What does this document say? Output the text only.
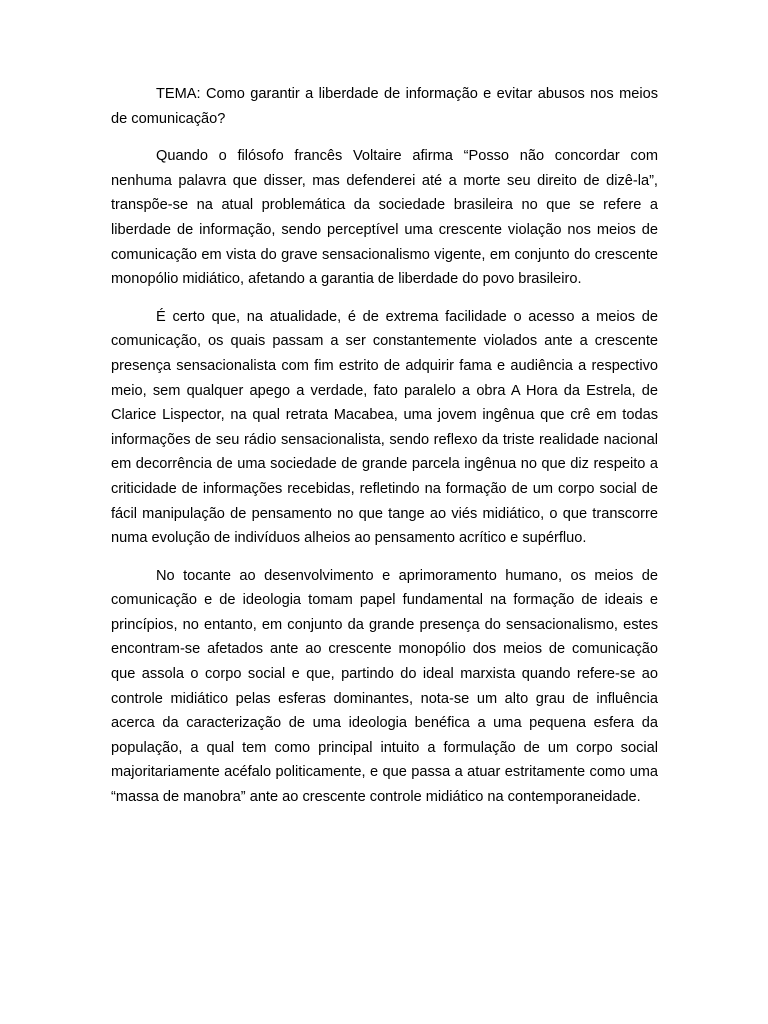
TEMA: Como garantir a liberdade de informação e evitar abusos nos meios de comunicação?

Quando o filósofo francês Voltaire afirma “Posso não concordar com nenhuma palavra que disser, mas defenderei até a morte seu direito de dizê-la”, transpõe-se na atual problemática da sociedade brasileira no que se refere a liberdade de informação, sendo perceptível uma crescente violação nos meios de comunicação em vista do grave sensacionalismo vigente, em conjunto do crescente monopólio midiático, afetando a garantia de liberdade do povo brasileiro.

É certo que, na atualidade, é de extrema facilidade o acesso a meios de comunicação, os quais passam a ser constantemente violados ante a crescente presença sensacionalista com fim estrito de adquirir fama e audiência a respectivo meio, sem qualquer apego a verdade, fato paralelo a obra A Hora da Estrela, de Clarice Lispector, na qual retrata Macabea, uma jovem ingênua que crê em todas informações de seu rádio sensacionalista, sendo reflexo da triste realidade nacional em decorrência de uma sociedade de grande parcela ingênua no que diz respeito a criticidade de informações recebidas, refletindo na formação de um corpo social de fácil manipulação de pensamento no que tange ao viés midiático, o que transcorre numa evolução de indivíduos alheios ao pensamento acrítico e supérfluo.

No tocante ao desenvolvimento e aprimoramento humano, os meios de comunicação e de ideologia tomam papel fundamental na formação de ideais e princípios, no entanto, em conjunto da grande presença do sensacionalismo, estes encontram-se afetados ante ao crescente monopólio dos meios de comunicação que assola o corpo social e que, partindo do ideal marxista quando refere-se ao controle midiático pelas esferas dominantes, nota-se um alto grau de influência acerca da caracterização de uma ideologia benéfica a uma pequena esfera da população, a qual tem como principal intuito a formulação de um corpo social majoritariamente acéfalo politicamente, e que passa a atuar estritamente como uma “massa de manobra” ante ao crescente controle midiático na contemporaneidade.
